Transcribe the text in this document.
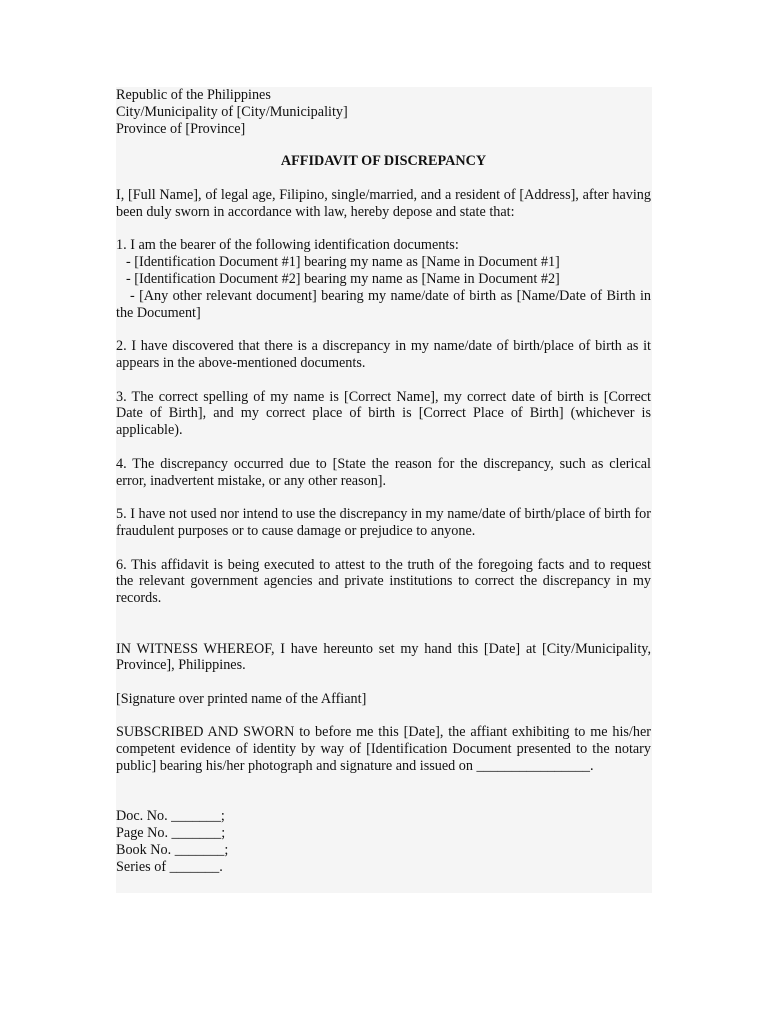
Republic of the Philippines
City/Municipality of [City/Municipality]
Province of [Province]
AFFIDAVIT OF DISCREPANCY

I, [Full Name], of legal age, Filipino, single/married, and a resident of [Address], after having been duly sworn in accordance with law, hereby depose and state that:

1. I am the bearer of the following identification documents:
- [Identification Document #1] bearing my name as [Name in Document #1]
- [Identification Document #2] bearing my name as [Name in Document #2]

- [Any other relevant document] bearing my name/date of birth as [Name/Date of Birth in the Document]

2. I have discovered that there is a discrepancy in my name/date of birth/place of birth as it appears in the above-mentioned documents.

3. The correct spelling of my name is [Correct Name], my correct date of birth is [Correct Date of Birth], and my correct place of birth is [Correct Place of Birth] (whichever is applicable).

4. The discrepancy occurred due to [State the reason for the discrepancy, such as clerical error, inadvertent mistake, or any other reason].

5. I have not used nor intend to use the discrepancy in my name/date of birth/place of birth for fraudulent purposes or to cause damage or prejudice to anyone.

6. This affidavit is being executed to attest to the truth of the foregoing facts and to request the relevant government agencies and private institutions to correct the discrepancy in my records.

IN WITNESS WHEREOF, I have hereunto set my hand this [Date] at [City/Municipality, Province], Philippines.

[Signature over printed name of the Affiant]

SUBSCRIBED AND SWORN to before me this [Date], the affiant exhibiting to me his/her competent evidence of identity by way of [Identification Document presented to the notary public] bearing his/her photograph and signature and issued on ________________.

Doc. No. _______;
Page No. _______;
Book No. _______;
Series of _______.
